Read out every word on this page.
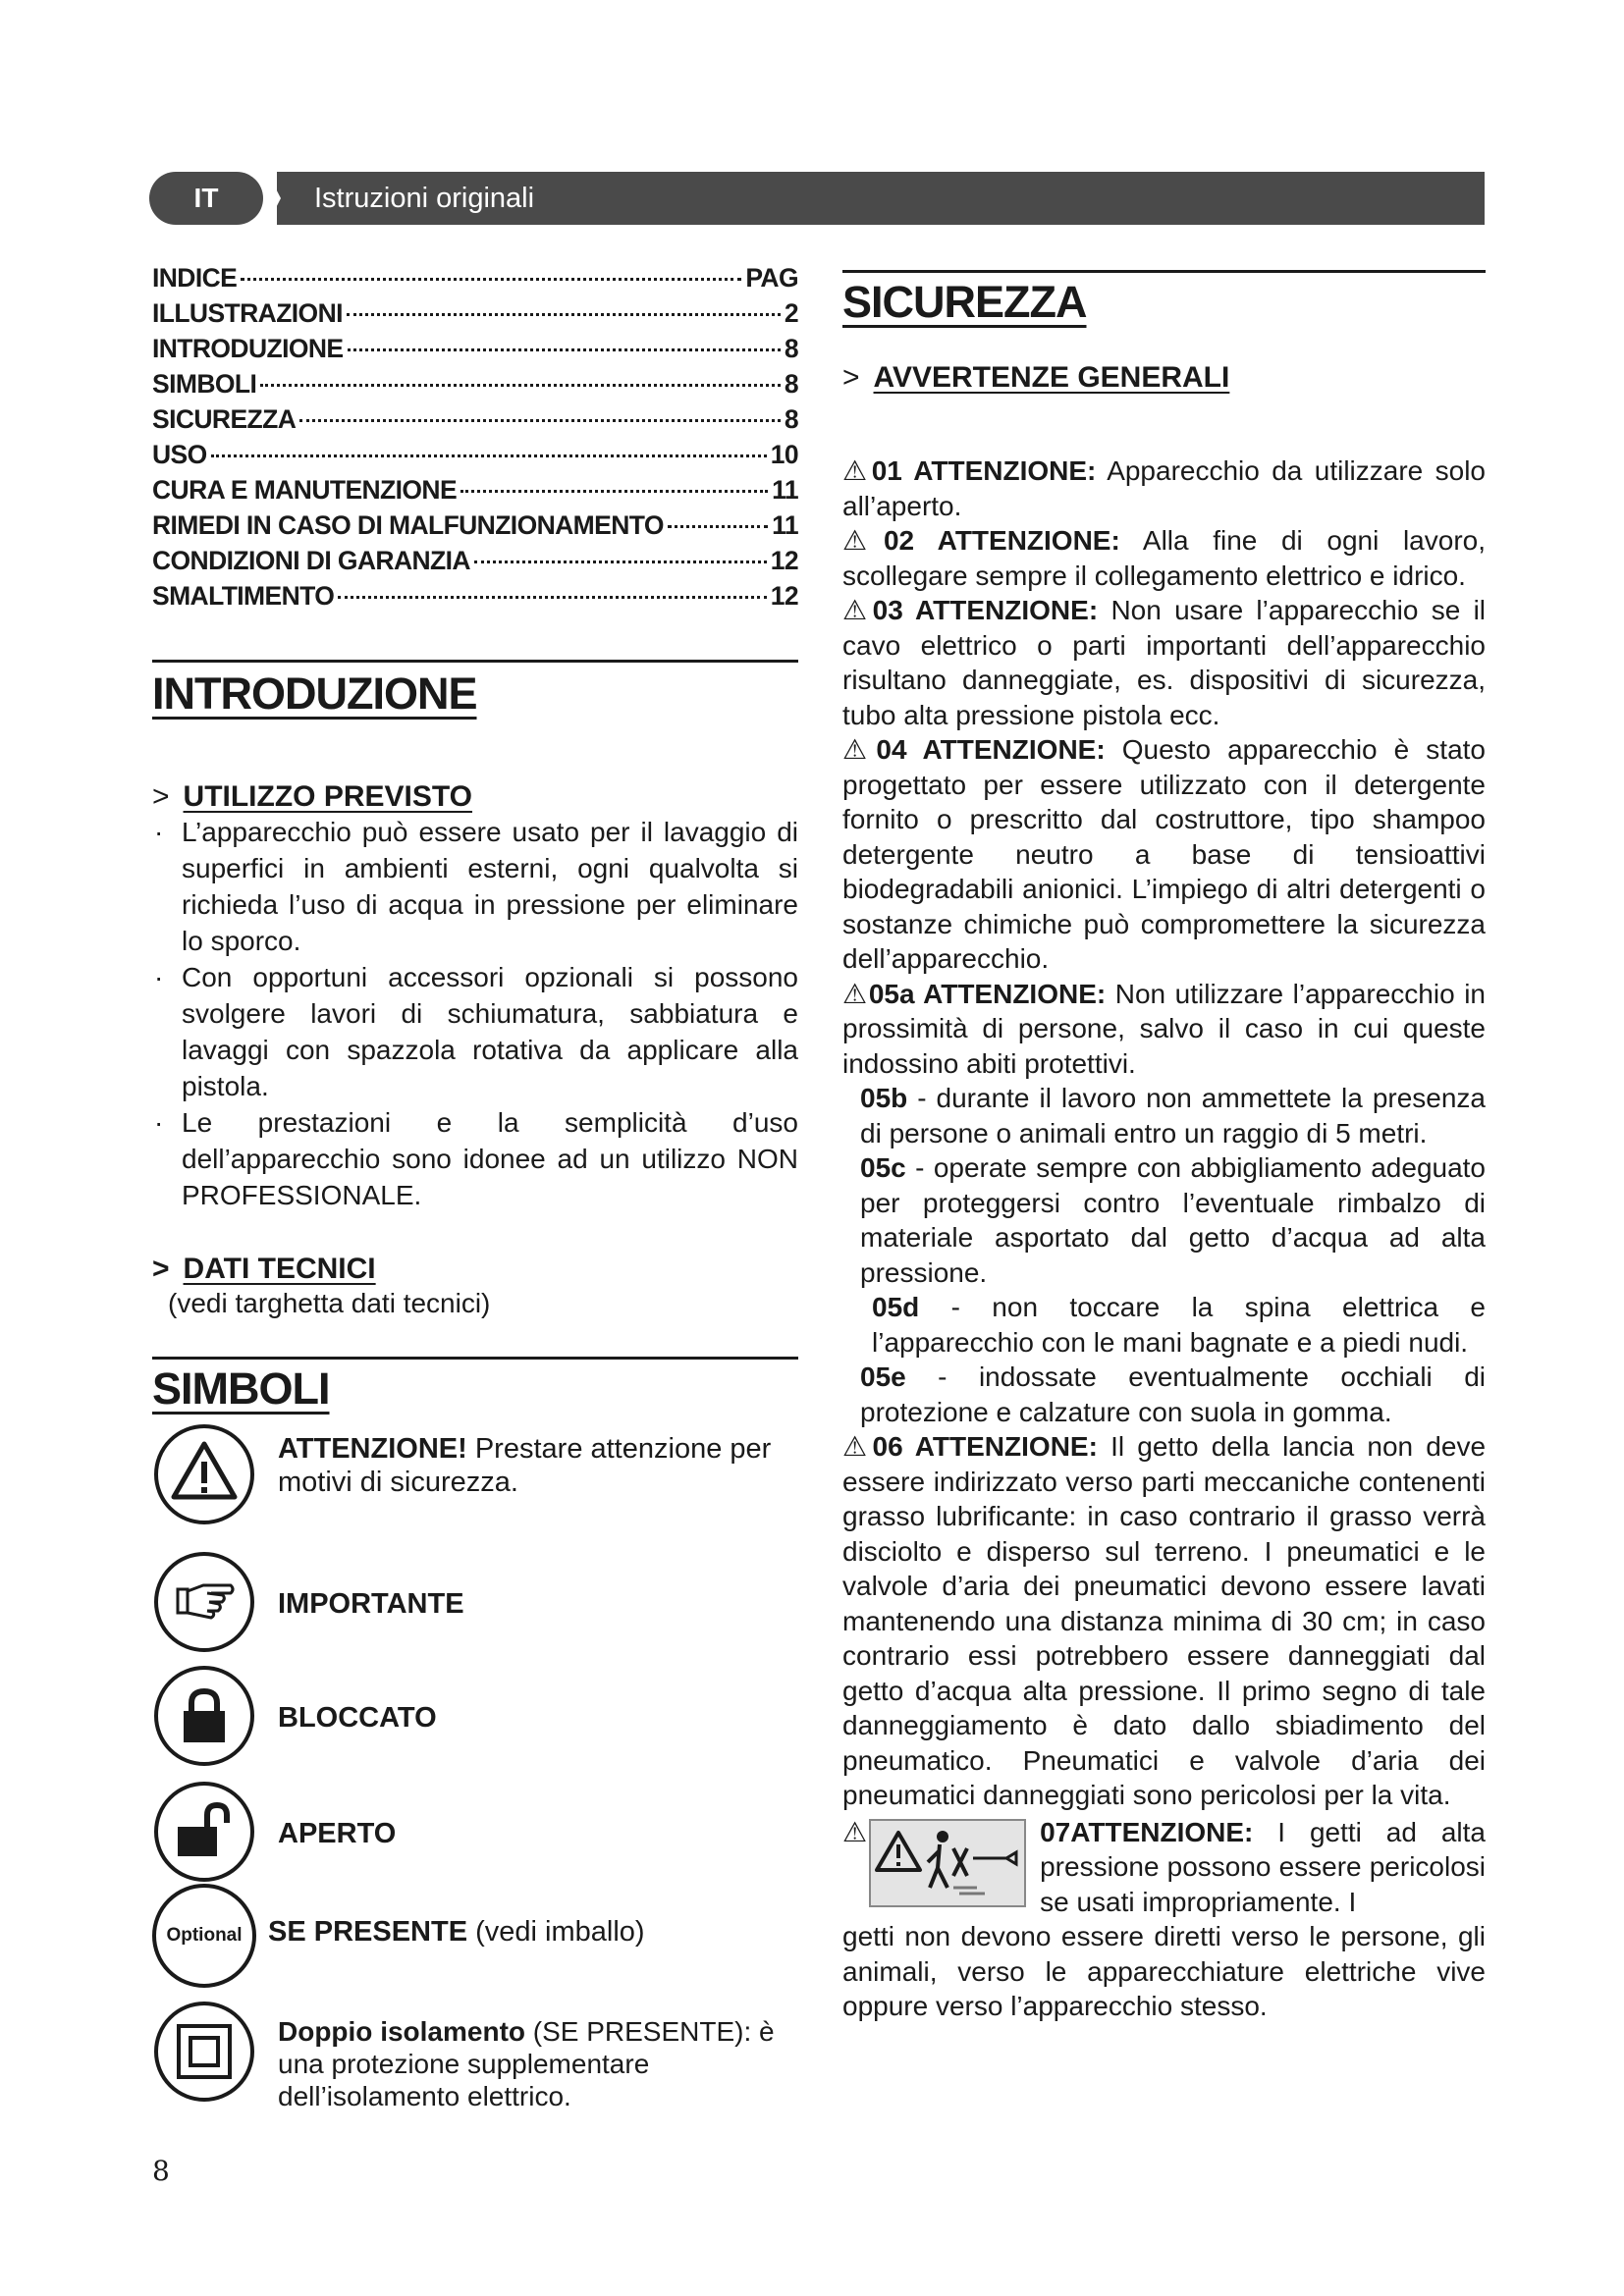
IT	Istruzioni originali
INDICE	PAG
ILLUSTRAZIONI	2
INTRODUZIONE	8
SIMBOLI	8
SICUREZZA	8
USO	10
CURA E MANUTENZIONE	11
RIMEDI IN CASO DI MALFUNZIONAMENTO	11
CONDIZIONI DI GARANZIA	12
SMALTIMENTO	12
INTRODUZIONE

> UTILIZZO PREVISTO

· L’apparecchio può essere usato per il lavaggio di superfici in ambienti esterni, ogni qualvolta si richieda l’uso di acqua in pressione per eliminare lo sporco.
· Con opportuni accessori opzionali si possono svolgere lavori di schiumatura, sabbiatura e lavaggi con spazzola rotativa da applicare alla pistola.
· Le prestazioni e la semplicità d’uso dell’apparecchio sono idonee ad un utilizzo NON PROFESSIONALE.

> DATI TECNICI

(vedi targhetta dati tecnici)

SIMBOLI
ATTENZIONE! Prestare attenzione per motivi di sicurezza.
IMPORTANTE
BLOCCATO
APERTO
Optional SE PRESENTE (vedi imballo)
Doppio isolamento (SE PRESENTE): è una protezione supplementare dell’isolamento elettrico.
SICUREZZA

> AVVERTENZE GENERALI

⚠01 ATTENZIONE: Apparecchio da utilizzare solo all’aperto.

⚠02 ATTENZIONE: Alla fine di ogni lavoro, scollegare sempre il collegamento elettrico e idrico.

⚠03 ATTENZIONE: Non usare l’apparecchio se il cavo elettrico o parti importanti dell’apparecchio risultano danneggiate, es. dispositivi di sicurezza, tubo alta pressione pistola ecc.

⚠04 ATTENZIONE: Questo apparecchio è stato progettato per essere utilizzato con il detergente fornito o prescritto dal costruttore, tipo shampoo detergente neutro a base di tensioattivi biodegradabili anionici. L’impiego di altri detergenti o sostanze chimiche può compromettere la sicurezza dell’apparecchio.

⚠05a ATTENZIONE: Non utilizzare l’apparecchio in prossimità di persone, salvo il caso in cui queste indossino abiti protettivi.

05b - durante il lavoro non ammettete la presenza di persone o animali entro un raggio di 5 metri.

05c - operate sempre con abbigliamento adeguato per proteggersi contro l’eventuale rimbalzo di materiale asportato dal getto d’acqua ad alta pressione.

05d - non toccare la spina elettrica e l’apparecchio con le mani bagnate e a piedi nudi.

05e - indossate eventualmente occhiali di protezione e calzature con suola in gomma.

⚠06 ATTENZIONE: Il getto della lancia non deve essere indirizzato verso parti meccaniche contenenti grasso lubrificante: in caso contrario il grasso verrà disciolto e disperso sul terreno. I pneumatici e le valvole d’aria dei pneumatici devono essere lavati mantenendo una distanza minima di 30 cm; in caso contrario essi potrebbero essere danneggiati dal getto d’acqua alta pressione. Il primo segno di tale danneggiamento è dato dallo sbiadimento del pneumatico. Pneumatici e valvole d’aria dei pneumatici danneggiati sono pericolosi per la vita.

⚠	07ATTENZIONE: I getti ad alta pressione possono essere pericolosi se usati impropriamente. I

getti non devono essere diretti verso le persone, gli animali, verso le apparecchiature elettriche vive oppure verso l’apparecchio stesso.

8
